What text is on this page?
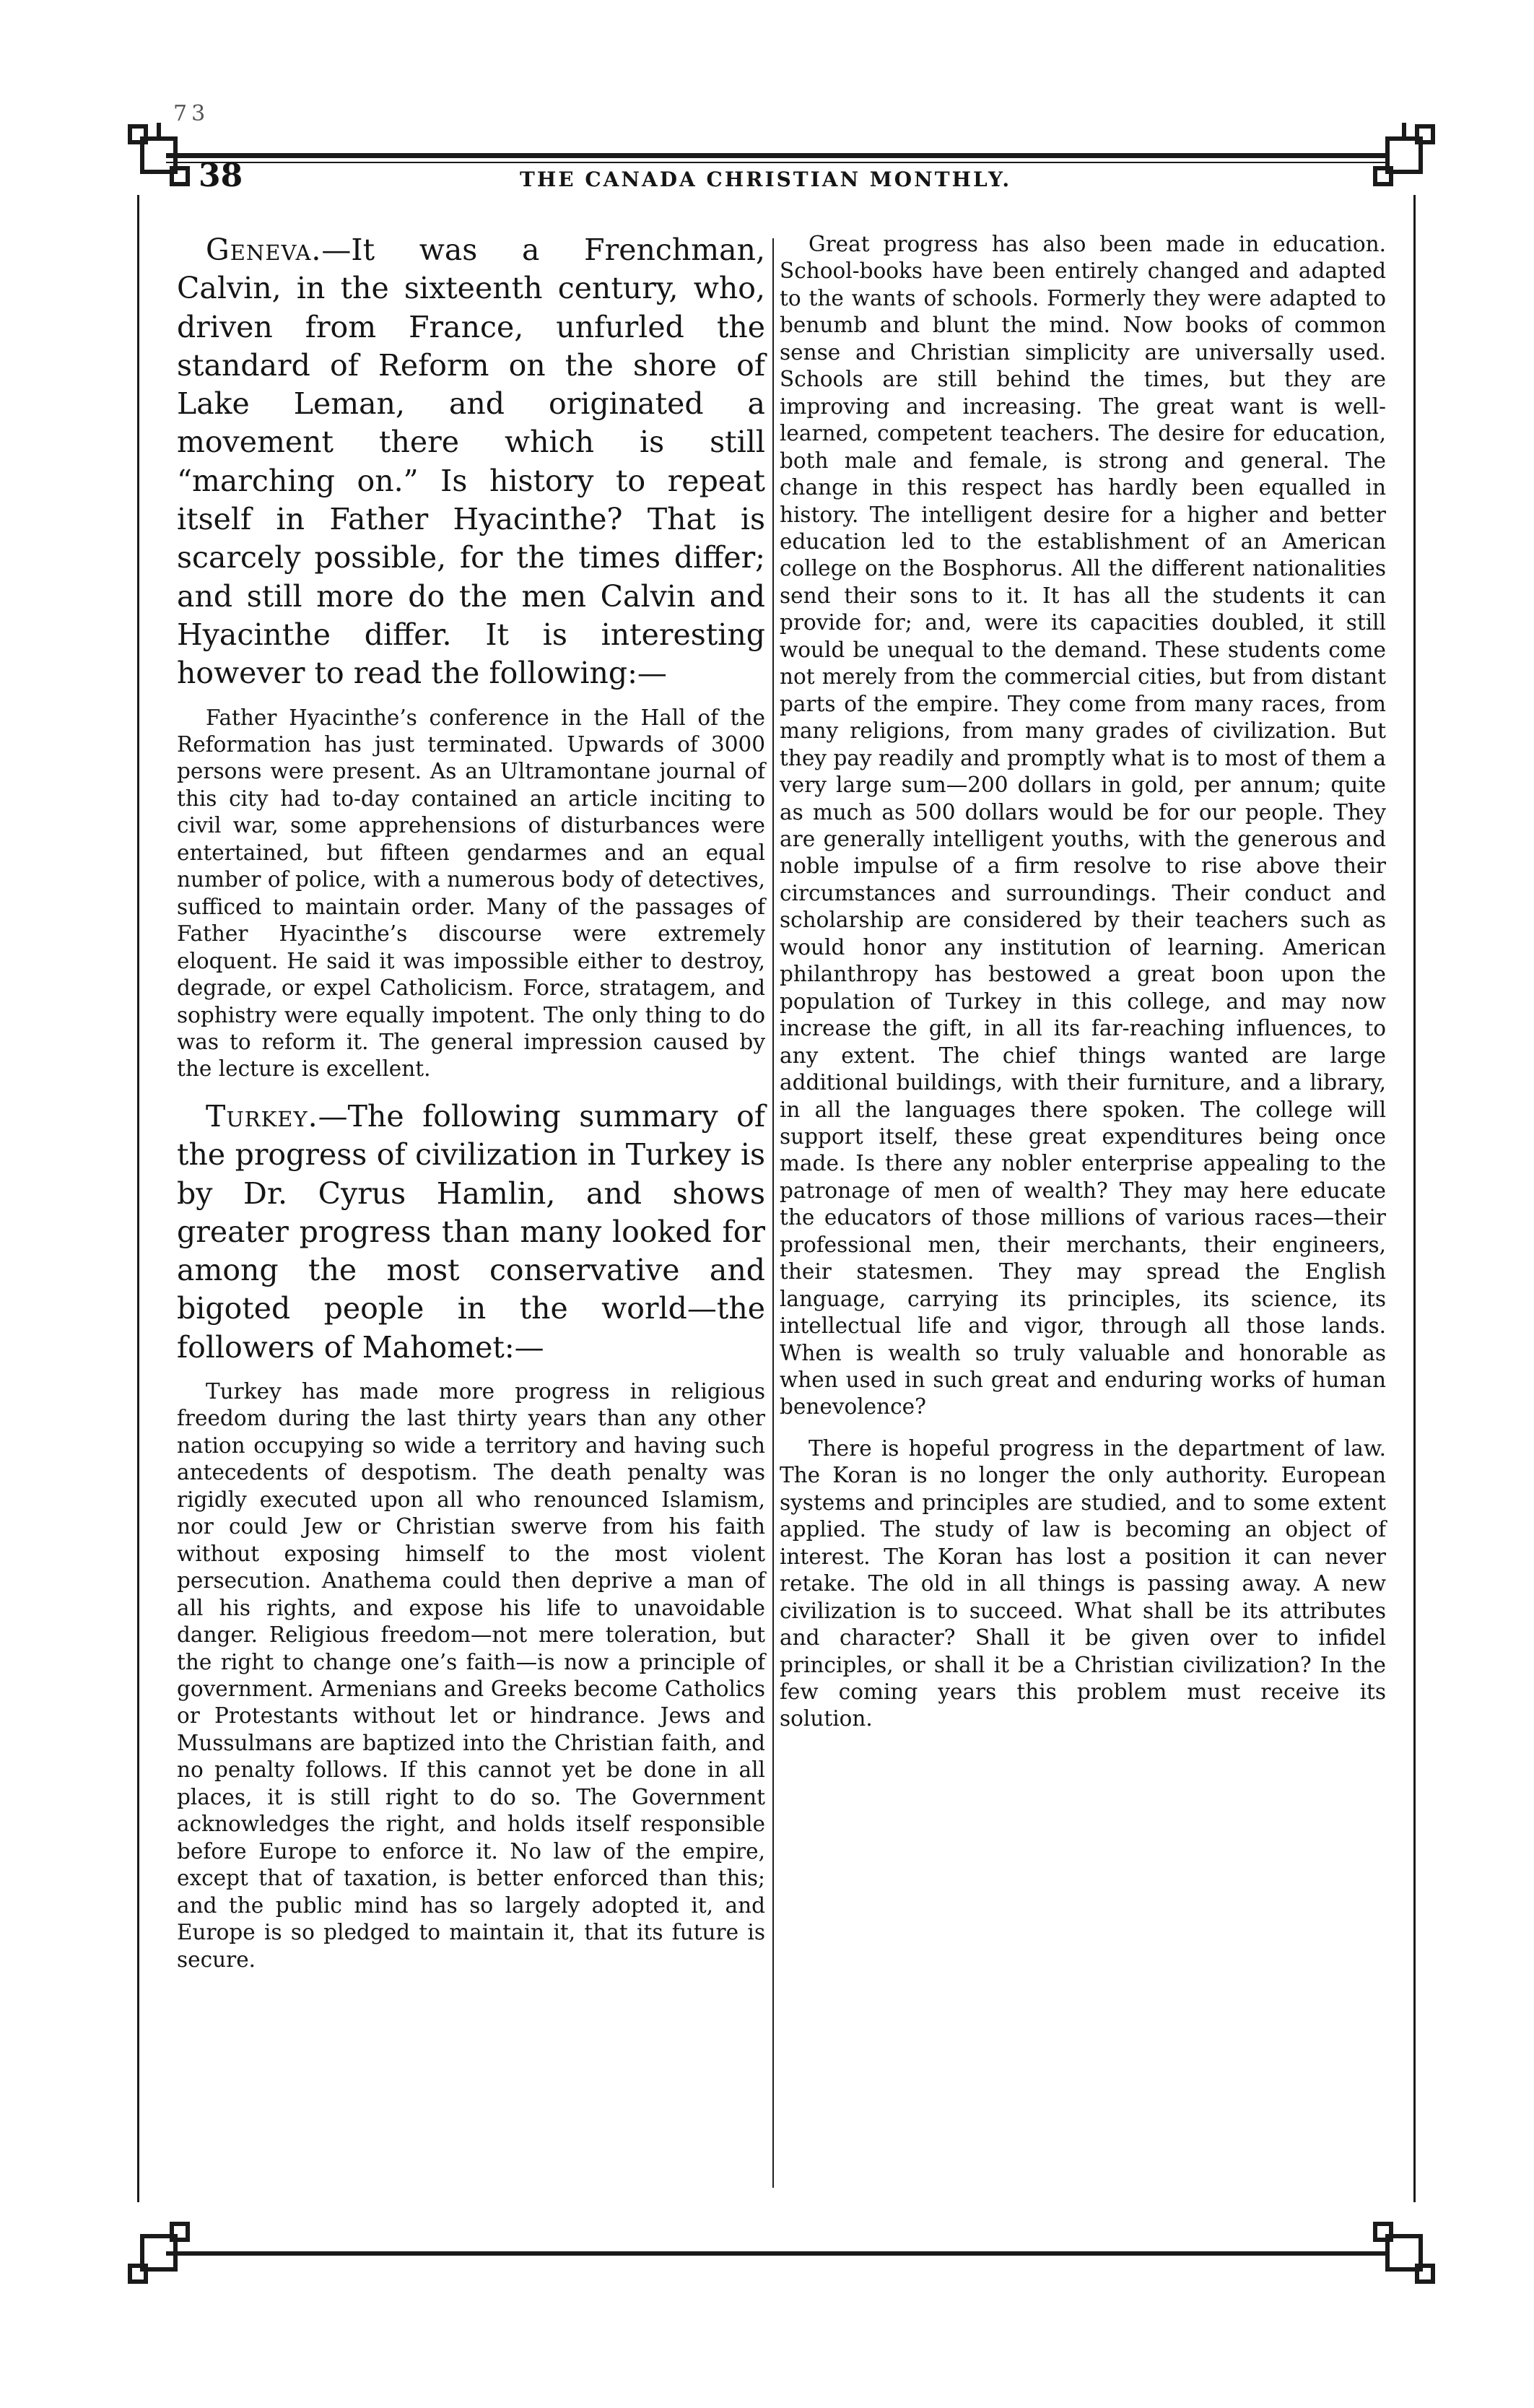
73
38	THE CANADA CHRISTIAN MONTHLY.

Geneva.—It was a Frenchman, Calvin, in the sixteenth century, who, driven from France, unfurled the standard of Reform on the shore of Lake Leman, and originated a movement there which is still “marching on.” Is history to repeat itself in Father Hyacinthe? That is scarcely possible, for the times differ; and still more do the men Calvin and Hyacinthe differ. It is interesting however to read the following:—

Father Hyacinthe’s conference in the Hall of the Reformation has just terminated. Upwards of 3000 persons were present. As an Ultramontane journal of this city had to-day contained an article inciting to civil war, some apprehensions of disturbances were entertained, but fifteen gendarmes and an equal number of police, with a numerous body of detectives, sufficed to maintain order. Many of the passages of Father Hyacinthe’s discourse were extremely eloquent. He said it was impossible either to destroy, degrade, or expel Catholicism. Force, stratagem, and sophistry were equally impotent. The only thing to do was to reform it. The general impression caused by the lecture is excellent.

Turkey.—The following summary of the progress of civilization in Turkey is by Dr. Cyrus Hamlin, and shows greater progress than many looked for among the most conservative and bigoted people in the world—the followers of Mahomet:—

Turkey has made more progress in religious freedom during the last thirty years than any other nation occupying so wide a territory and having such antecedents of despotism. The death penalty was rigidly executed upon all who renounced Islamism, nor could Jew or Christian swerve from his faith without exposing himself to the most violent persecution. Anathema could then deprive a man of all his rights, and expose his life to unavoidable danger. Religious freedom—not mere toleration, but the right to change one’s faith—is now a principle of government. Armenians and Greeks become Catholics or Protestants without let or hindrance. Jews and Mussulmans are baptized into the Christian faith, and no penalty follows. If this cannot yet be done in all places, it is still right to do so. The Government acknowledges the right, and holds itself responsible before Europe to enforce it. No law of the empire, except that of taxation, is better enforced than this; and the public mind has so largely adopted it, and Europe is so pledged to maintain it, that its future is secure.

Great progress has also been made in education. School-books have been entirely changed and adapted to the wants of schools. Formerly they were adapted to benumb and blunt the mind. Now books of common sense and Christian simplicity are universally used. Schools are still behind the times, but they are improving and increasing. The great want is well-learned, competent teachers. The desire for education, both male and female, is strong and general. The change in this respect has hardly been equalled in history. The intelligent desire for a higher and better education led to the establishment of an American college on the Bosphorus. All the different nationalities send their sons to it. It has all the students it can provide for; and, were its capacities doubled, it still would be unequal to the demand. These students come not merely from the commercial cities, but from distant parts of the empire. They come from many races, from many religions, from many grades of civilization. But they pay readily and promptly what is to most of them a very large sum—200 dollars in gold, per annum; quite as much as 500 dollars would be for our people. They are generally intelligent youths, with the generous and noble impulse of a firm resolve to rise above their circumstances and surroundings. Their conduct and scholarship are considered by their teachers such as would honor any institution of learning. American philanthropy has bestowed a great boon upon the population of Turkey in this college, and may now increase the gift, in all its far-reaching influences, to any extent. The chief things wanted are large additional buildings, with their furniture, and a library, in all the languages there spoken. The college will support itself, these great expenditures being once made. Is there any nobler enterprise appealing to the patronage of men of wealth? They may here educate the educators of those millions of various races—their professional men, their merchants, their engineers, their statesmen. They may spread the English language, carrying its principles, its science, its intellectual life and vigor, through all those lands. When is wealth so truly valuable and honorable as when used in such great and enduring works of human benevolence?

There is hopeful progress in the department of law. The Koran is no longer the only authority. European systems and principles are studied, and to some extent applied. The study of law is becoming an object of interest. The Koran has lost a position it can never retake. The old in all things is passing away. A new civilization is to succeed. What shall be its attributes and character? Shall it be given over to infidel principles, or shall it be a Christian civilization? In the few coming years this problem must receive its solution.
